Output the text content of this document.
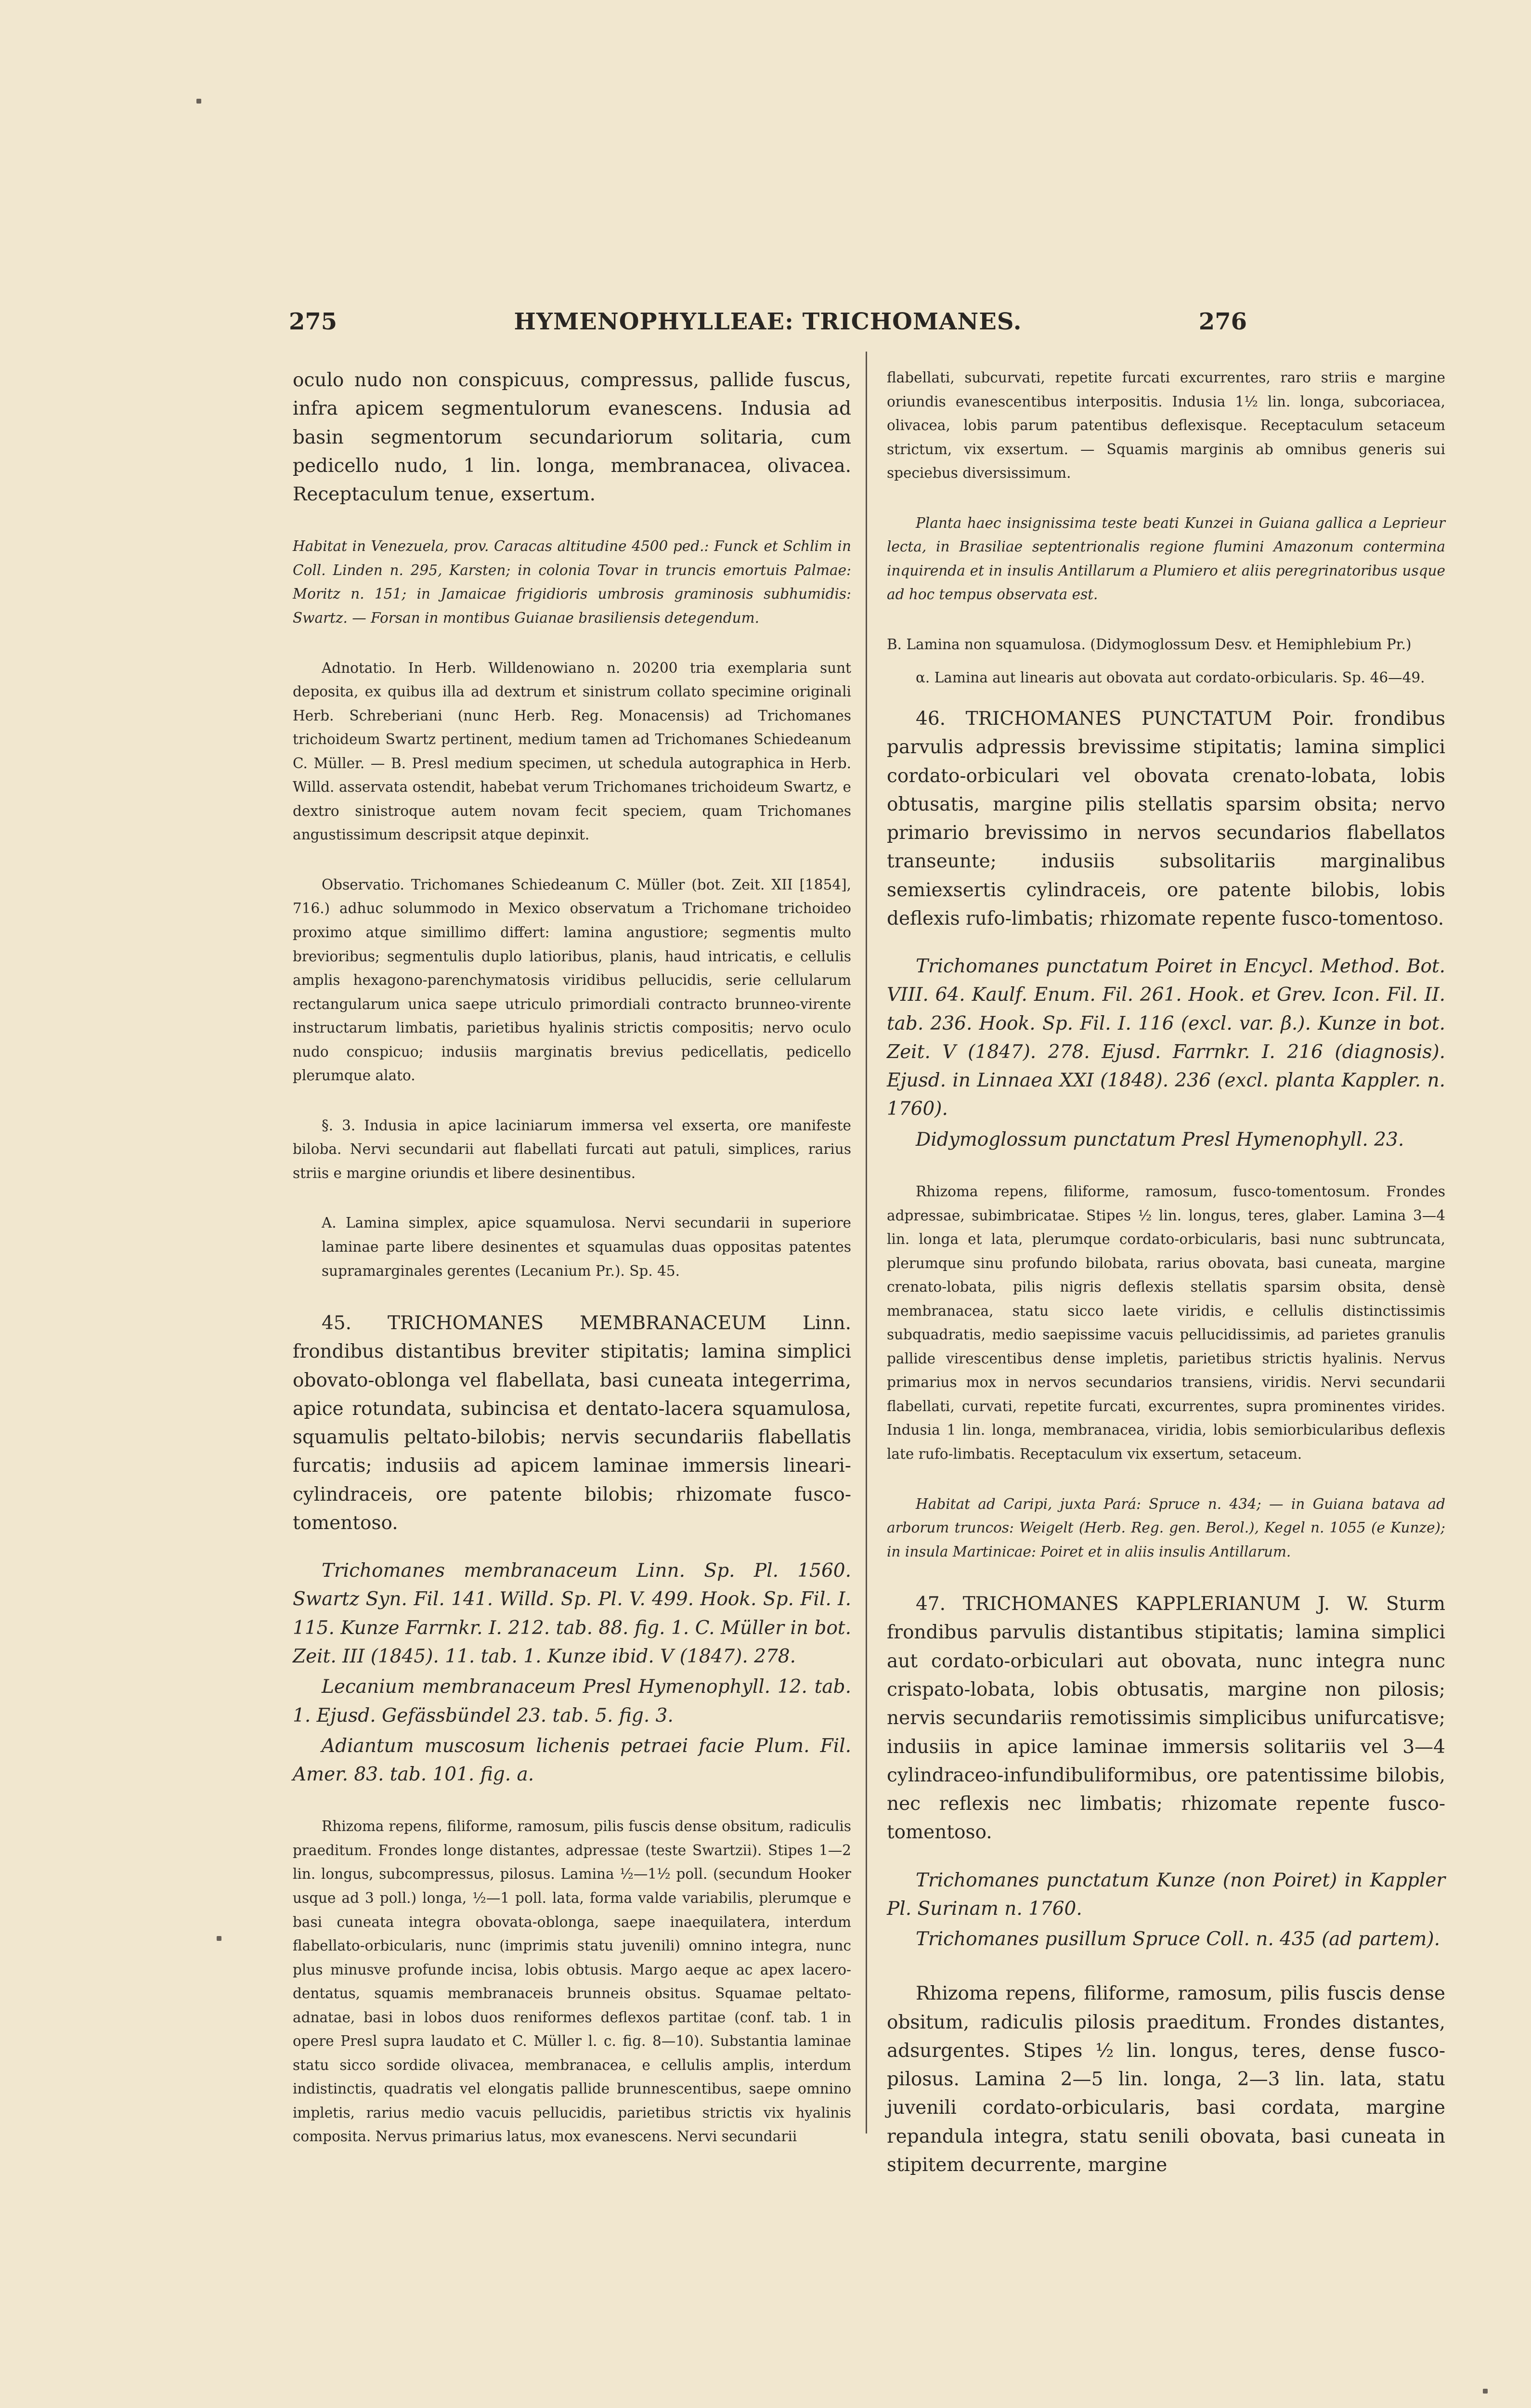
275	HYMENOPHYLLEAE: TRICHOMANES.	276

oculo nudo non conspicuus, compressus, pallide fuscus, infra apicem segmentulorum evanescens. Indusia ad basin segmentorum secundariorum solitaria, cum pedicello nudo, 1 lin. longa, membranacea, olivacea. Receptaculum tenue, exsertum.

Habitat in Venezuela, prov. Caracas altitudine 4500 ped.: Funck et Schlim in Coll. Linden n. 295, Karsten; in colonia Tovar in truncis emortuis Palmae: Moritz n. 151; in Jamaicae frigidioris umbrosis graminosis subhumidis: Swartz. — Forsan in montibus Guianae brasiliensis detegendum.

Adnotatio. In Herb. Willdenowiano n. 20200 tria exemplaria sunt deposita, ex quibus illa ad dextrum et sinistrum collato specimine originali Herb. Schreberiani (nunc Herb. Reg. Monacensis) ad Trichomanes trichoideum Swartz pertinent, medium tamen ad Trichomanes Schiedeanum C. Müller. — B. Presl medium specimen, ut schedula autographica in Herb. Willd. asservata ostendit, habebat verum Trichomanes trichoideum Swartz, e dextro sinistroque autem novam fecit speciem, quam Trichomanes angustissimum descripsit atque depinxit.

Observatio. Trichomanes Schiedeanum C. Müller (bot. Zeit. XII [1854], 716.) adhuc solummodo in Mexico observatum a Trichomane trichoideo proximo atque simillimo differt: lamina angustiore; segmentis multo brevioribus; segmentulis duplo latioribus, planis, haud intricatis, e cellulis amplis hexagono-parenchymatosis viridibus pellucidis, serie cellularum rectangularum unica saepe utriculo primordiali contracto brunneo-virente instructarum limbatis, parietibus hyalinis strictis compositis; nervo oculo nudo conspicuo; indusiis marginatis brevius pedicellatis, pedicello plerumque alato.

§. 3. Indusia in apice laciniarum immersa vel exserta, ore manifeste biloba. Nervi secundarii aut flabellati furcati aut patuli, simplices, rarius striis e margine oriundis et libere desinentibus.

A. Lamina simplex, apice squamulosa. Nervi secundarii in superiore laminae parte libere desinentes et squamulas duas oppositas patentes supramarginales gerentes (Lecanium Pr.). Sp. 45.

45. TRICHOMANES MEMBRANACEUM Linn. frondibus distantibus breviter stipitatis; lamina simplici obovato-oblonga vel flabellata, basi cuneata integerrima, apice rotundata, subincisa et dentato-lacera squamulosa, squamulis peltato-bilobis; nervis secundariis flabellatis furcatis; indusiis ad apicem laminae immersis lineari-cylindraceis, ore patente bilobis; rhizomate fusco-tomentoso.

Trichomanes membranaceum Linn. Sp. Pl. 1560. Swartz Syn. Fil. 141. Willd. Sp. Pl. V. 499. Hook. Sp. Fil. I. 115. Kunze Farrnkr. I. 212. tab. 88. fig. 1. C. Müller in bot. Zeit. III (1845). 11. tab. 1. Kunze ibid. V (1847). 278.

Lecanium membranaceum Presl Hymenophyll. 12. tab. 1. Ejusd. Gefässbündel 23. tab. 5. fig. 3.

Adiantum muscosum lichenis petraei facie Plum. Fil. Amer. 83. tab. 101. fig. a.

Rhizoma repens, filiforme, ramosum, pilis fuscis dense obsitum, radiculis praeditum. Frondes longe distantes, adpressae (teste Swartzii). Stipes 1—2 lin. longus, subcompressus, pilosus. Lamina ½—1½ poll. (secundum Hooker usque ad 3 poll.) longa, ½—1 poll. lata, forma valde variabilis, plerumque e basi cuneata integra obovata-oblonga, saepe inaequilatera, interdum flabellato-orbicularis, nunc (imprimis statu juvenili) omnino integra, nunc plus minusve profunde incisa, lobis obtusis. Margo aeque ac apex lacero-dentatus, squamis membranaceis brunneis obsitus. Squamae peltato-adnatae, basi in lobos duos reniformes deflexos partitae (conf. tab. 1 in opere Presl supra laudato et C. Müller l. c. fig. 8—10). Substantia laminae statu sicco sordide olivacea, membranacea, e cellulis amplis, interdum indistinctis, quadratis vel elongatis pallide brunnescentibus, saepe omnino impletis, rarius medio vacuis pellucidis, parietibus strictis vix hyalinis composita. Nervus primarius latus, mox evanescens. Nervi secundarii

flabellati, subcurvati, repetite furcati excurrentes, raro striis e margine oriundis evanescentibus interpositis. Indusia 1½ lin. longa, subcoriacea, olivacea, lobis parum patentibus deflexisque. Receptaculum setaceum strictum, vix exsertum. — Squamis marginis ab omnibus generis sui speciebus diversissimum.

Planta haec insignissima teste beati Kunzei in Guiana gallica a Leprieur lecta, in Brasiliae septentrionalis regione flumini Amazonum contermina inquirenda et in insulis Antillarum a Plumiero et aliis peregrinatoribus usque ad hoc tempus observata est.

B. Lamina non squamulosa. (Didymoglossum Desv. et Hemiphlebium Pr.)

α. Lamina aut linearis aut obovata aut cordato-orbicularis. Sp. 46—49.

46. TRICHOMANES PUNCTATUM Poir. frondibus parvulis adpressis brevissime stipitatis; lamina simplici cordato-orbiculari vel obovata crenato-lobata, lobis obtusatis, margine pilis stellatis sparsim obsita; nervo primario brevissimo in nervos secundarios flabellatos transeunte; indusiis subsolitariis marginalibus semiexsertis cylindraceis, ore patente bilobis, lobis deflexis rufo-limbatis; rhizomate repente fusco-tomentoso.

Trichomanes punctatum Poiret in Encycl. Method. Bot. VIII. 64. Kaulf. Enum. Fil. 261. Hook. et Grev. Icon. Fil. II. tab. 236. Hook. Sp. Fil. I. 116 (excl. var. β.). Kunze in bot. Zeit. V (1847). 278. Ejusd. Farrnkr. I. 216 (diagnosis). Ejusd. in Linnaea XXI (1848). 236 (excl. planta Kappler. n. 1760).

Didymoglossum punctatum Presl Hymenophyll. 23.

Rhizoma repens, filiforme, ramosum, fusco-tomentosum. Frondes adpressae, subimbricatae. Stipes ½ lin. longus, teres, glaber. Lamina 3—4 lin. longa et lata, plerumque cordato-orbicularis, basi nunc subtruncata, plerumque sinu profundo bilobata, rarius obovata, basi cuneata, margine crenato-lobata, pilis nigris deflexis stellatis sparsim obsita, densè membranacea, statu sicco laete viridis, e cellulis distinctissimis subquadratis, medio saepissime vacuis pellucidissimis, ad parietes granulis pallide virescentibus dense impletis, parietibus strictis hyalinis. Nervus primarius mox in nervos secundarios transiens, viridis. Nervi secundarii flabellati, curvati, repetite furcati, excurrentes, supra prominentes virides. Indusia 1 lin. longa, membranacea, viridia, lobis semiorbicularibus deflexis late rufo-limbatis. Receptaculum vix exsertum, setaceum.

Habitat ad Caripi, juxta Pará: Spruce n. 434; — in Guiana batava ad arborum truncos: Weigelt (Herb. Reg. gen. Berol.), Kegel n. 1055 (e Kunze); in insula Martinicae: Poiret et in aliis insulis Antillarum.

47. TRICHOMANES KAPPLERIANUM J. W. Sturm frondibus parvulis distantibus stipitatis; lamina simplici aut cordato-orbiculari aut obovata, nunc integra nunc crispato-lobata, lobis obtusatis, margine non pilosis; nervis secundariis remotissimis simplicibus unifurcatisve; indusiis in apice laminae immersis solitariis vel 3—4 cylindraceo-infundibuliformibus, ore patentissime bilobis, nec reflexis nec limbatis; rhizomate repente fusco-tomentoso.

Trichomanes punctatum Kunze (non Poiret) in Kappler Pl. Surinam n. 1760.

Trichomanes pusillum Spruce Coll. n. 435 (ad partem).

Rhizoma repens, filiforme, ramosum, pilis fuscis dense obsitum, radiculis pilosis praeditum. Frondes distantes, adsurgentes. Stipes ½ lin. longus, teres, dense fusco-pilosus. Lamina 2—5 lin. longa, 2—3 lin. lata, statu juvenili cordato-orbicularis, basi cordata, margine repandula integra, statu senili obovata, basi cuneata in stipitem decurrente, margine
